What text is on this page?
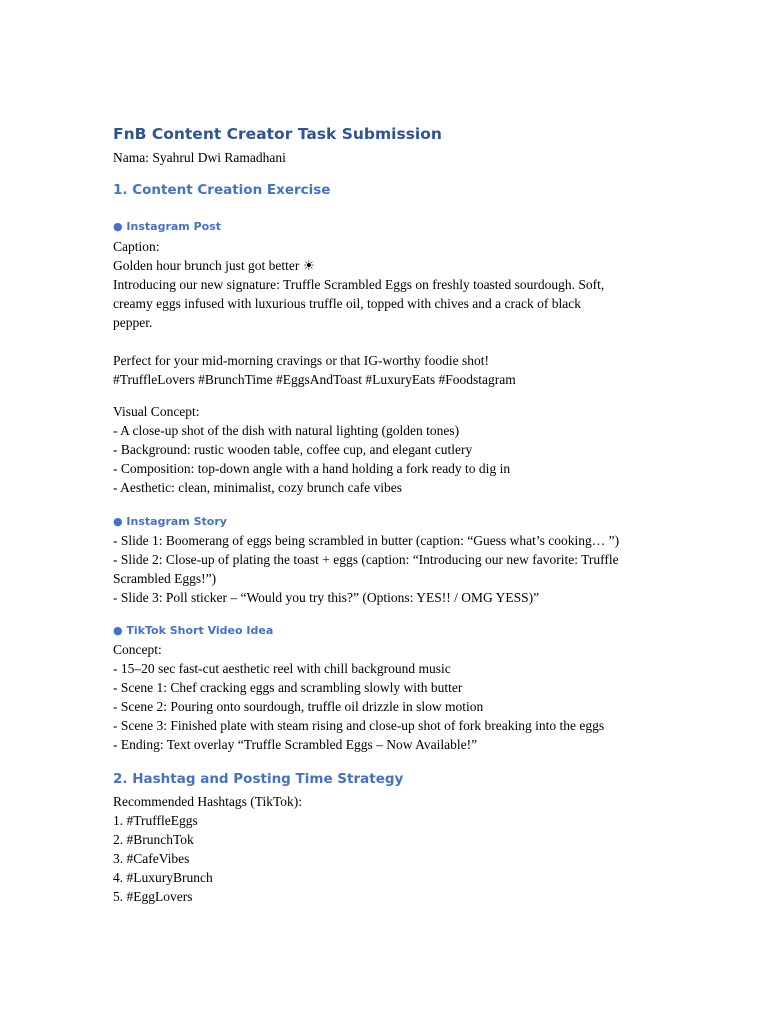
FnB Content Creator Task Submission
Nama: Syahrul Dwi Ramadhani
1. Content Creation Exercise
● Instagram Post
Caption:
Golden hour brunch just got better ☀
Introducing our new signature: Truffle Scrambled Eggs on freshly toasted sourdough. Soft,
creamy eggs infused with luxurious truffle oil, topped with chives and a crack of black
pepper.
Perfect for your mid-morning cravings or that IG-worthy foodie shot!
#TruffleLovers #BrunchTime #EggsAndToast #LuxuryEats #Foodstagram
Visual Concept:
- A close-up shot of the dish with natural lighting (golden tones)
- Background: rustic wooden table, coffee cup, and elegant cutlery
- Composition: top-down angle with a hand holding a fork ready to dig in
- Aesthetic: clean, minimalist, cozy brunch cafe vibes
● Instagram Story
- Slide 1: Boomerang of eggs being scrambled in butter (caption: “Guess what’s cooking… ”)
- Slide 2: Close-up of plating the toast + eggs (caption: “Introducing our new favorite: Truffle
Scrambled Eggs!”)
- Slide 3: Poll sticker – “Would you try this?” (Options: YES!! / OMG YESS)”
● TikTok Short Video Idea
Concept:
- 15–20 sec fast-cut aesthetic reel with chill background music
- Scene 1: Chef cracking eggs and scrambling slowly with butter
- Scene 2: Pouring onto sourdough, truffle oil drizzle in slow motion
- Scene 3: Finished plate with steam rising and close-up shot of fork breaking into the eggs
- Ending: Text overlay “Truffle Scrambled Eggs – Now Available!”
2. Hashtag and Posting Time Strategy
Recommended Hashtags (TikTok):
1. #TruffleEggs
2. #BrunchTok
3. #CafeVibes
4. #LuxuryBrunch
5. #EggLovers
